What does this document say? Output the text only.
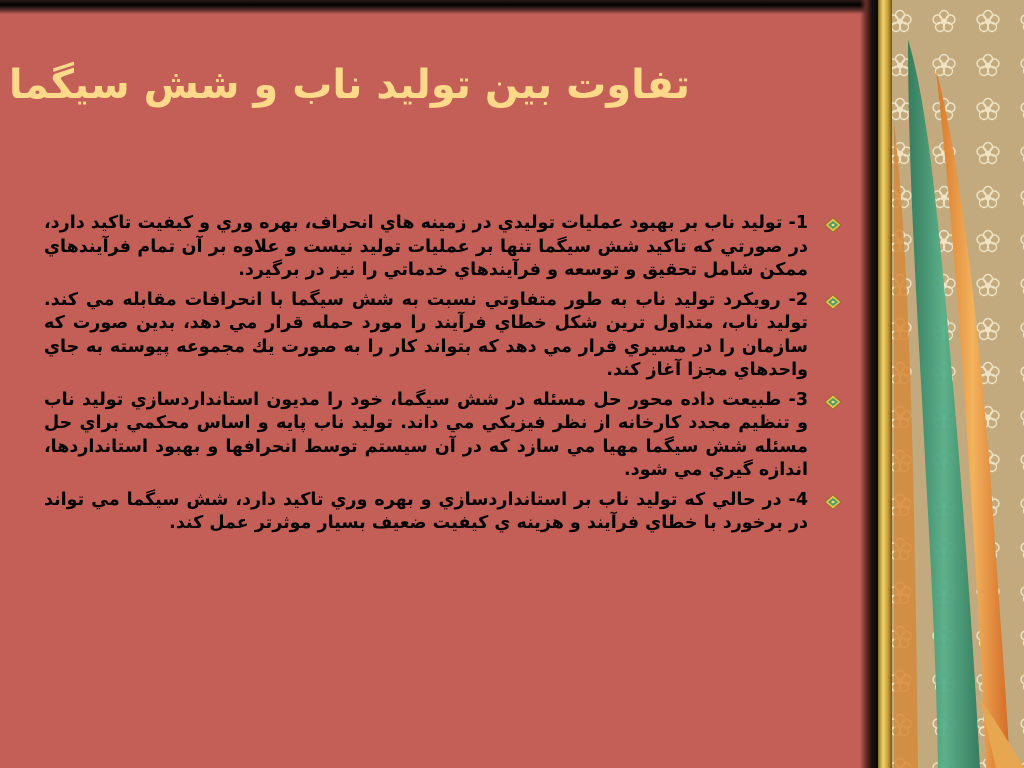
تفاوت بين توليد ناب و شش سيگما
1- توليد ناب بر بهبود عمليات توليدي در زمينه هاي انحراف، بهره وري و كيفيت تاكيد دارد، در صورتي كه تاكيد شش سيگما تنها بر عمليات توليد نيست و علاوه بر آن تمام فرآيندهاي ممكن شامل تحقيق و توسعه و فرآيندهاي خدماتي را نيز در برگيرد.
2- رويكرد توليد ناب به طور متفاوتي نسبت به شش سيگما با انحرافات مقابله مي كند. توليد ناب، متداول ترين شكل خطاي فرآيند را مورد حمله قرار مي دهد، بدين صورت كه سازمان را در مسيري قرار مي دهد كه بتواند كار را به صورت يك مجموعه پيوسته به جاي واحدهاي مجزا آغاز كند.
3- طبيعت داده محور حل مسئله در شش سيگما، خود را مديون استانداردسازي توليد ناب و تنظيم مجدد كارخانه از نظر فيزيكي مي داند. توليد ناب پايه و اساس محكمي براي حل مسئله شش سيگما مهيا مي سازد كه در آن سيستم توسط انحرافها و بهبود استانداردها، اندازه گيري مي شود.
4- در حالي كه توليد ناب بر استانداردسازي و بهره وري تاكيد دارد، شش سيگما مي تواند در برخورد با خطاي فرآيند و هزينه ي كيفيت ضعيف بسيار موثرتر عمل كند.
